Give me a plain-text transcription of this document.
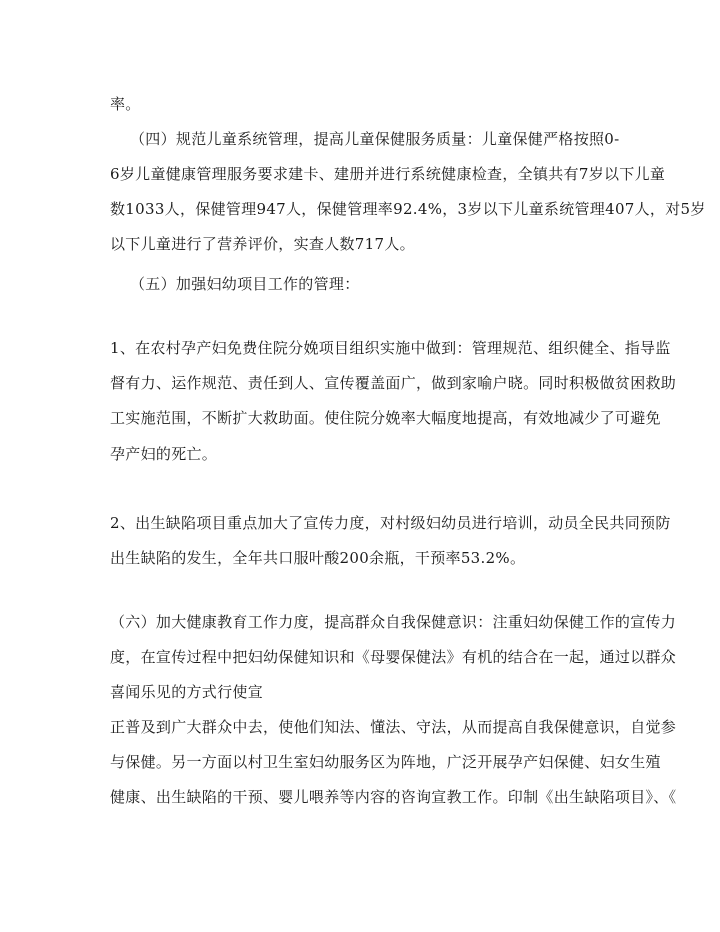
率。
（四）规范儿童系统管理，提高儿童保健服务质量：儿童保健严格按照0-
6岁儿童健康管理服务要求建卡、建册并进行系统健康检查，全镇共有7岁以下儿童
数1033人，保健管理947人，保健管理率92.4%，3岁以下儿童系统管理407人，对5岁
以下儿童进行了营养评价，实查人数717人。
（五）加强妇幼项目工作的管理：
1、在农村孕产妇免费住院分娩项目组织实施中做到：管理规范、组织健全、指导监
督有力、运作规范、责任到人、宣传覆盖面广，做到家喻户晓。同时积极做贫困救助
工实施范围，不断扩大救助面。使住院分娩率大幅度地提高，有效地减少了可避免
孕产妇的死亡。
2、出生缺陷项目重点加大了宣传力度，对村级妇幼员进行培训，动员全民共同预防
出生缺陷的发生，全年共口服叶酸200余瓶，干预率53.2%。
（六）加大健康教育工作力度，提高群众自我保健意识：注重妇幼保健工作的宣传力
度，在宣传过程中把妇幼保健知识和《母婴保健法》有机的结合在一起，通过以群众
喜闻乐见的方式行使宣
正普及到广大群众中去，使他们知法、懂法、守法，从而提高自我保健意识，自觉参
与保健。另一方面以村卫生室妇幼服务区为阵地，广泛开展孕产妇保健、妇女生殖
健康、出生缺陷的干预、婴儿喂养等内容的咨询宣教工作。印制《出生缺陷项目》、《
